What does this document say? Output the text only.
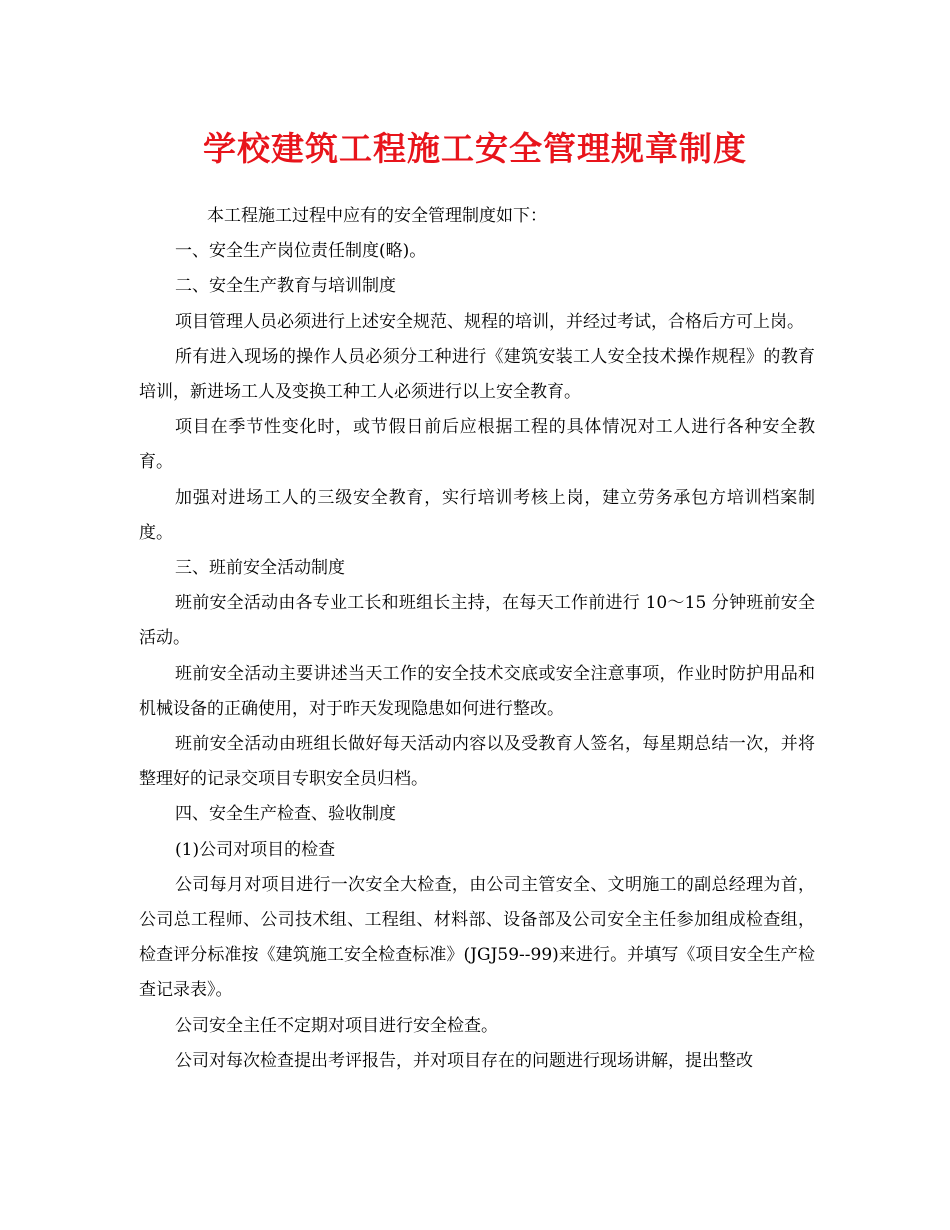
学校建筑工程施工安全管理规章制度

本工程施工过程中应有的安全管理制度如下：

一、安全生产岗位责任制度(略)。

二、安全生产教育与培训制度

项目管理人员必须进行上述安全规范、规程的培训，并经过考试，合格后方可上岗。

所有进入现场的操作人员必须分工种进行《建筑安装工人安全技术操作规程》的教育培训，新进场工人及变换工种工人必须进行以上安全教育。

项目在季节性变化时，或节假日前后应根据工程的具体情况对工人进行各种安全教育。

加强对进场工人的三级安全教育，实行培训考核上岗，建立劳务承包方培训档案制度。

三、班前安全活动制度

班前安全活动由各专业工长和班组长主持，在每天工作前进行 10～15 分钟班前安全活动。

班前安全活动主要讲述当天工作的安全技术交底或安全注意事项，作业时防护用品和机械设备的正确使用，对于昨天发现隐患如何进行整改。

班前安全活动由班组长做好每天活动内容以及受教育人签名，每星期总结一次，并将整理好的记录交项目专职安全员归档。

四、安全生产检查、验收制度

(1)公司对项目的检查

公司每月对项目进行一次安全大检查，由公司主管安全、文明施工的副总经理为首，公司总工程师、公司技术组、工程组、材料部、设备部及公司安全主任参加组成检查组，检查评分标准按《建筑施工安全检查标准》(JGJ59--99)来进行。并填写《项目安全生产检查记录表》。

公司安全主任不定期对项目进行安全检查。

公司对每次检查提出考评报告，并对项目存在的问题进行现场讲解，提出整改
